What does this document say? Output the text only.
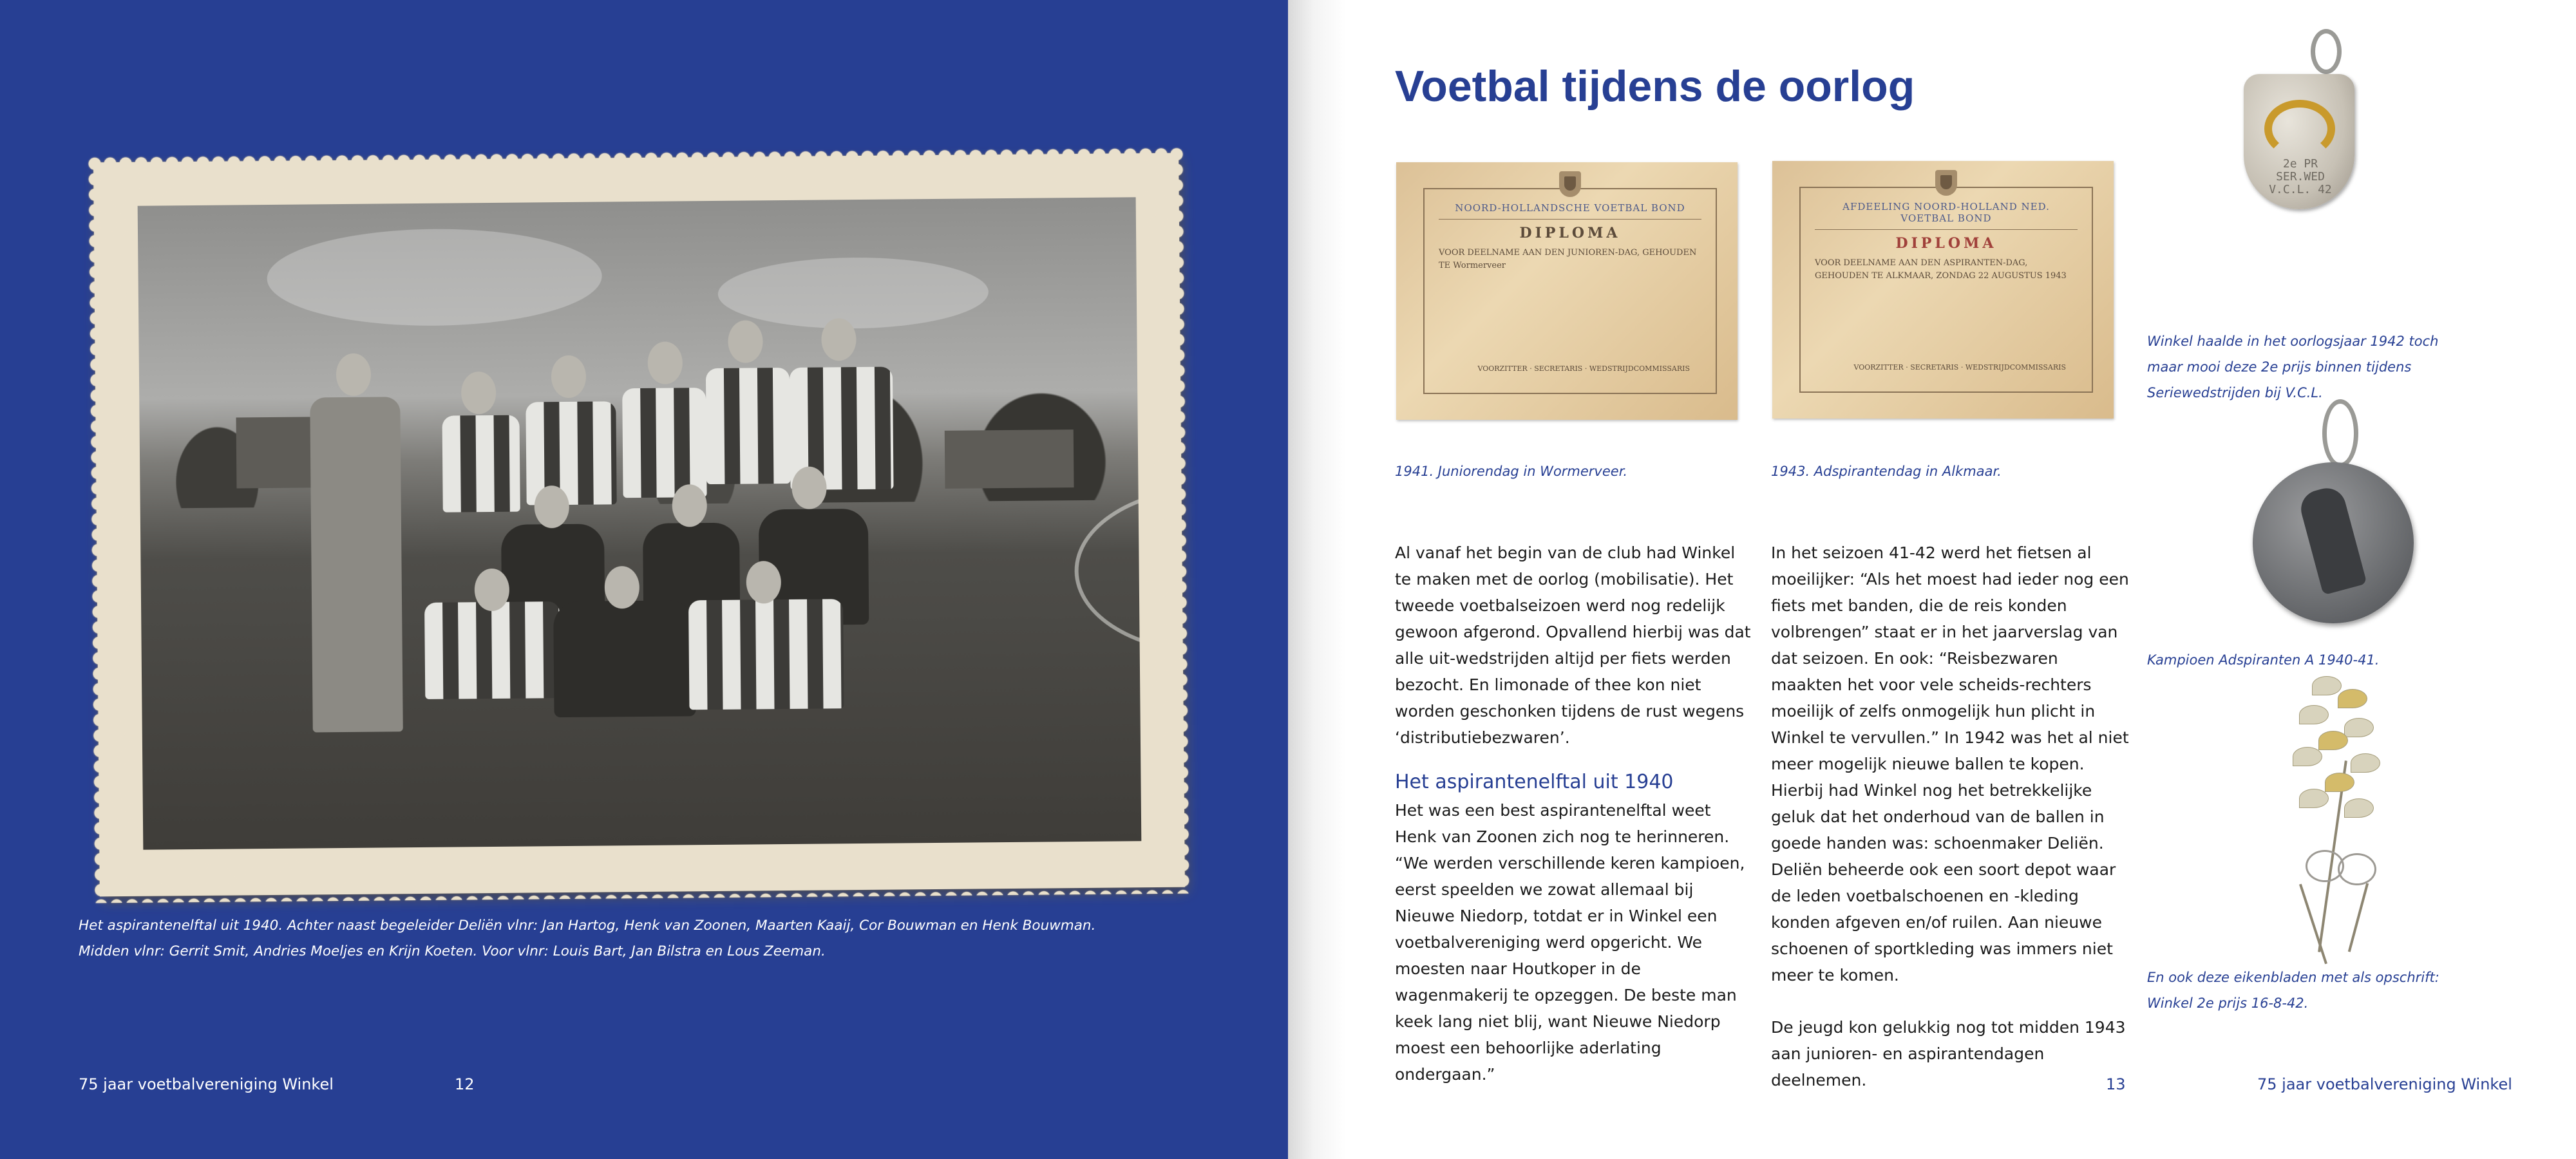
Het aspirantenelftal uit 1940. Achter naast begeleider Deliën vlnr: Jan Hartog, Henk van Zoonen, Maarten Kaaij, Cor Bouwman en Henk Bouwman.
Midden vlnr: Gerrit Smit, Andries Moeljes en Krijn Koeten. Voor vlnr: Louis Bart, Jan Bilstra en Lous Zeeman.
75 jaar voetbalvereniging Winkel	12
Voetbal tijdens de oorlog
NOORD-HOLLANDSCHE VOETBAL BOND
DIPLOMA
VOOR DEELNAME AAN DEN JUNIOREN-DAG, GEHOUDEN TE Wormerveer
VOORZITTER · SECRETARIS · WEDSTRIJDCOMMISSARIS
1941. Juniorendag in Wormerveer.
AFDEELING NOORD-HOLLAND NED. VOETBAL BOND
DIPLOMA
VOOR DEELNAME AAN DEN ASPIRANTEN-DAG, GEHOUDEN TE ALKMAAR, ZONDAG 22 AUGUSTUS 1943
VOORZITTER · SECRETARIS · WEDSTRIJDCOMMISSARIS
1943. Adspirantendag in Alkmaar.

Al vanaf het begin van de club had Winkel te maken met de oorlog (mobilisatie). Het tweede voetbalseizoen werd nog redelijk gewoon afgerond. Opvallend hierbij was dat alle uit-wedstrijden altijd per fiets werden bezocht. En limonade of thee kon niet worden geschonken tijdens de rust wegens ‘distributiebezwaren’.

Het aspirantenelftal uit 1940

Het was een best aspirantenelftal weet Henk van Zoonen zich nog te herinneren. “We werden verschillende keren kampioen, eerst speelden we zowat allemaal bij Nieuwe Niedorp, totdat er in Winkel een voetbalvereniging werd opgericht. We moesten naar Houtkoper in de wagenmakerij te opzeggen. De beste man keek lang niet blij, want Nieuwe Niedorp moest een behoorlijke aderlating ondergaan.”

In het seizoen 41-42 werd het fietsen al moeilijker: “Als het moest had ieder nog een fiets met banden, die de reis konden volbrengen” staat er in het jaarverslag van dat seizoen. En ook: “Reisbezwaren maakten het voor vele scheids-rechters moeilijk of zelfs onmogelijk hun plicht in Winkel te vervullen.” In 1942 was het al niet meer mogelijk nieuwe ballen te kopen. Hierbij had Winkel nog het betrekkelijke geluk dat het onderhoud van de ballen in goede handen was: schoenmaker Deliën. Deliën beheerde ook een soort depot waar de leden voetbalschoenen en -kleding konden afgeven en/of ruilen. Aan nieuwe schoenen of sportkleding was immers niet meer te komen.

De jeugd kon gelukkig nog tot midden 1943 aan junioren- en aspirantendagen deelnemen.

Winkel haalde in het oorlogsjaar 1942 toch maar mooi deze 2e prijs binnen tijdens Seriewedstrijden bij V.C.L.
Kampioen Adspiranten A 1940-41.
En ook deze eikenbladen met als opschrift: Winkel 2e prijs 16-8-42.
13	75 jaar voetbalvereniging Winkel
2e PR SER.WED V.C.L. 42
